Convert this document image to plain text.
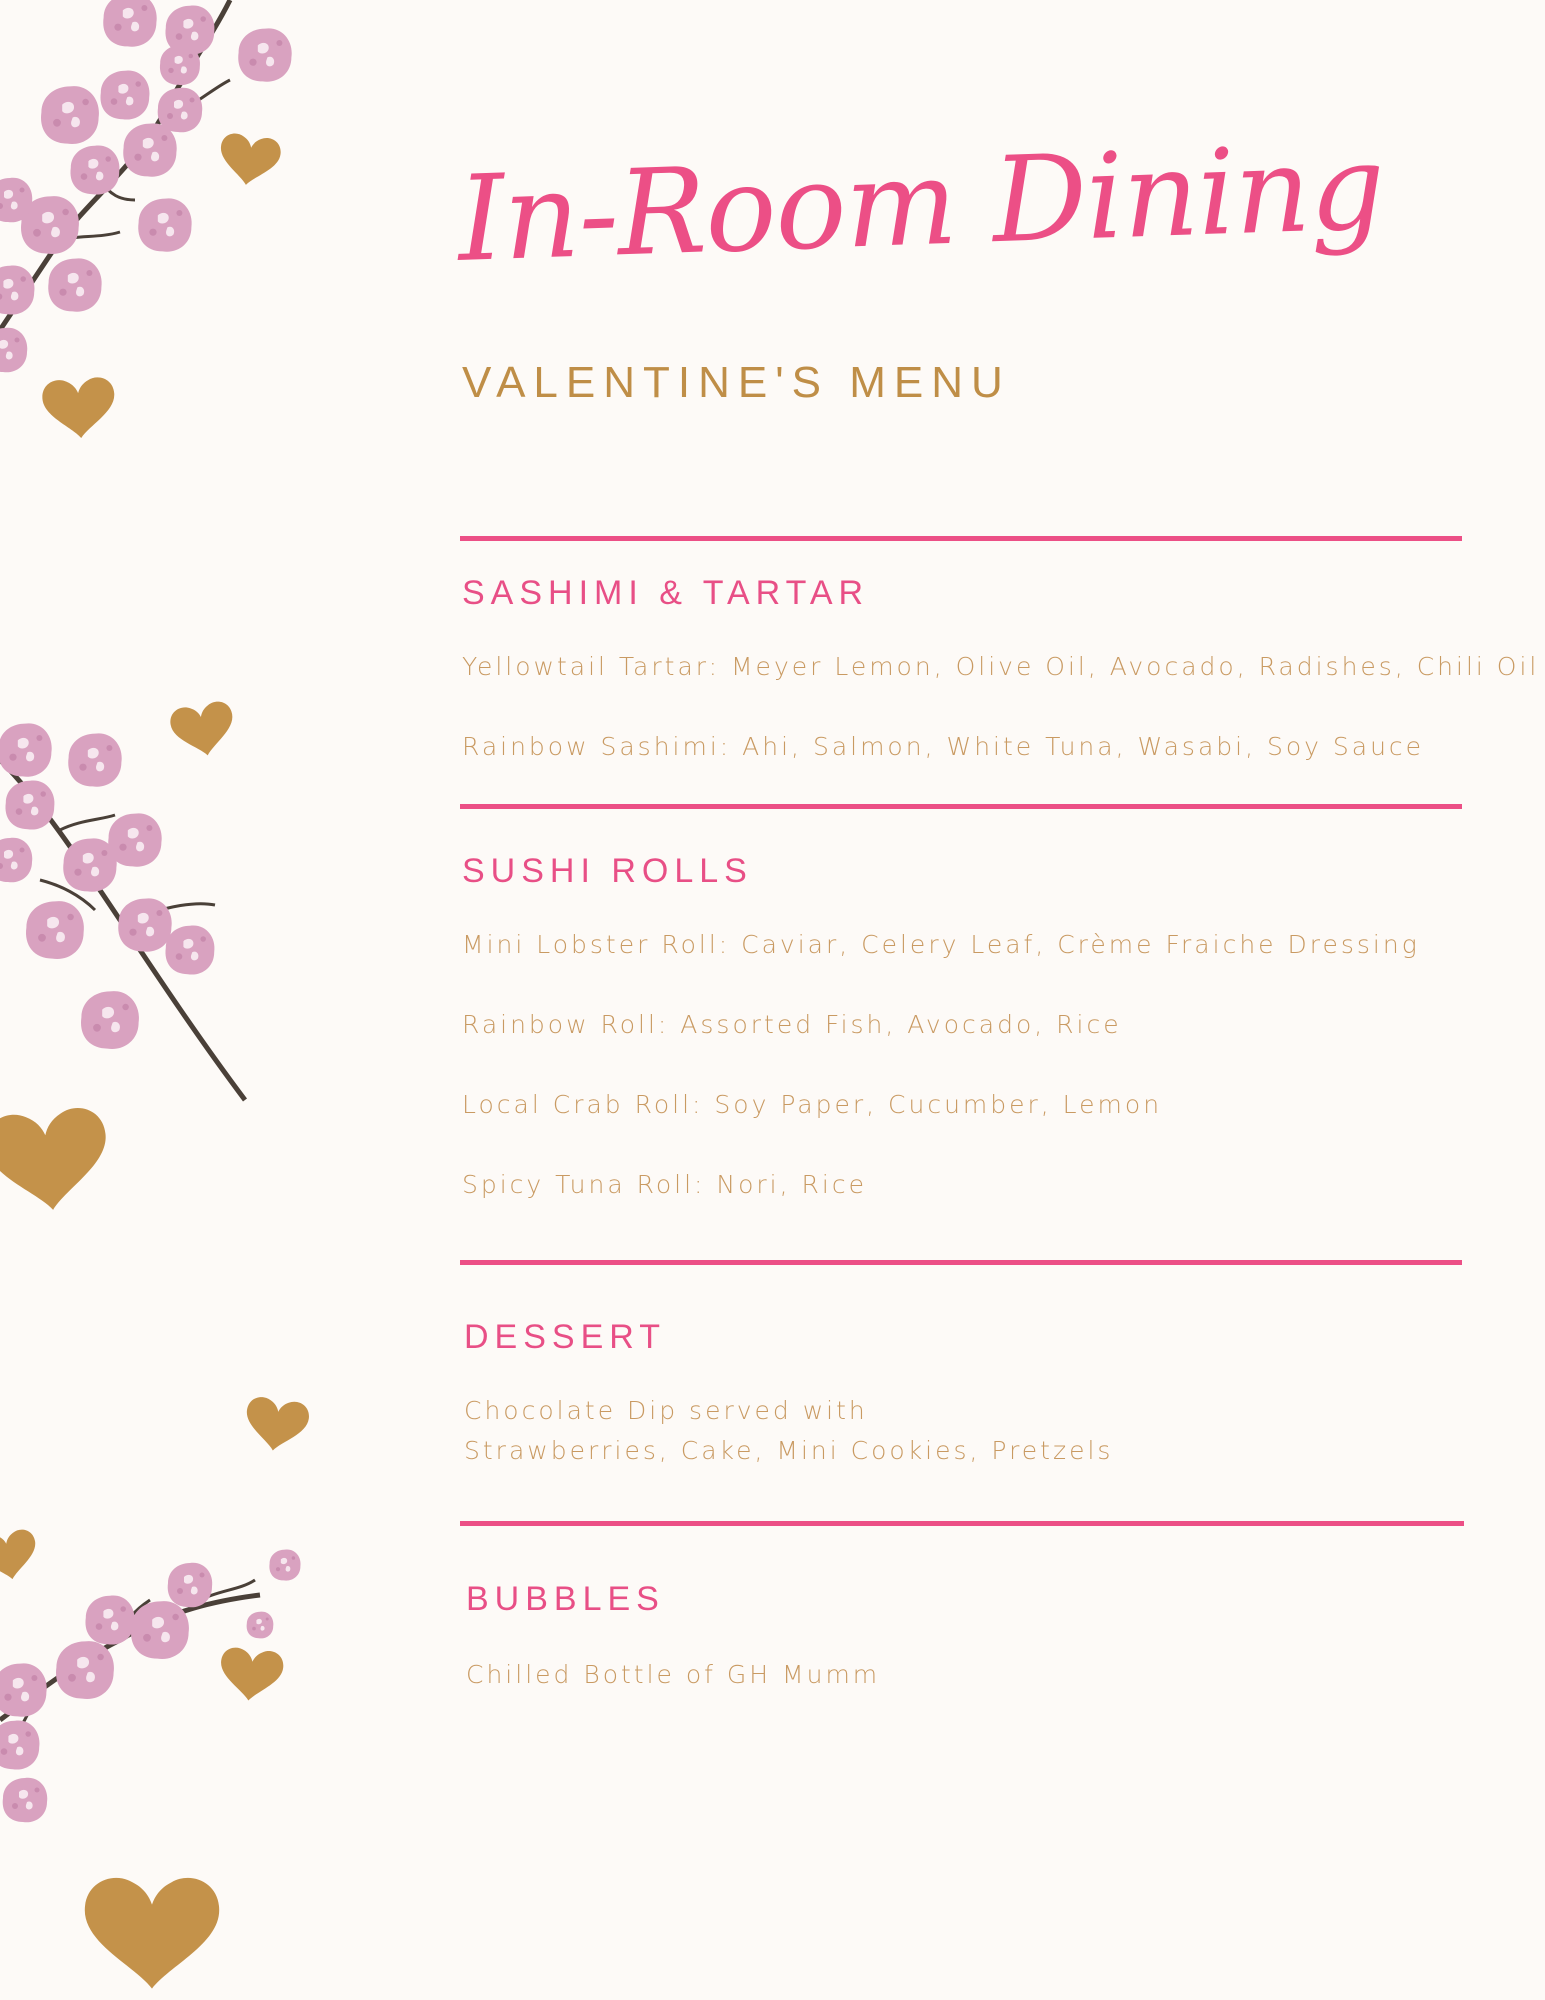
In-Room Dining
VALENTINE'S MENU
SASHIMI & TARTAR
Yellowtail Tartar: Meyer Lemon, Olive Oil, Avocado, Radishes, Chili Oil
Rainbow Sashimi: Ahi, Salmon, White Tuna, Wasabi, Soy Sauce
SUSHI ROLLS
Mini Lobster Roll: Caviar, Celery Leaf, Crème Fraiche Dressing
Rainbow Roll: Assorted Fish, Avocado, Rice
Local Crab Roll: Soy Paper, Cucumber, Lemon
Spicy Tuna Roll: Nori, Rice
DESSERT
Chocolate Dip served with
Strawberries, Cake, Mini Cookies, Pretzels
BUBBLES
Chilled Bottle of GH Mumm
